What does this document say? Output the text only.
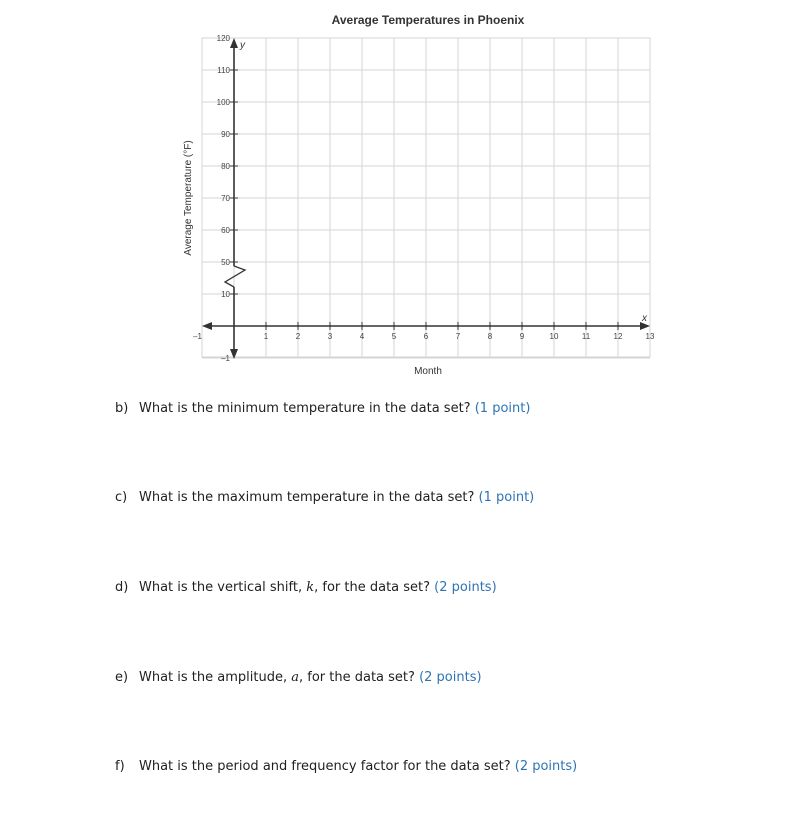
Average Temperatures in Phoenix
–1	1	2	3	4	5	6	7	8	9	10	11	12	13
120
110
100
90
80
70
60
50
10
–1
Month
Average Temperature (°F)
x
y
b) What is the minimum temperature in the data set? (1 point)
c) What is the maximum temperature in the data set? (1 point)
d) What is the vertical shift, k, for the data set? (2 points)
e) What is the amplitude, a, for the data set? (2 points)
f) What is the period and frequency factor for the data set? (2 points)
